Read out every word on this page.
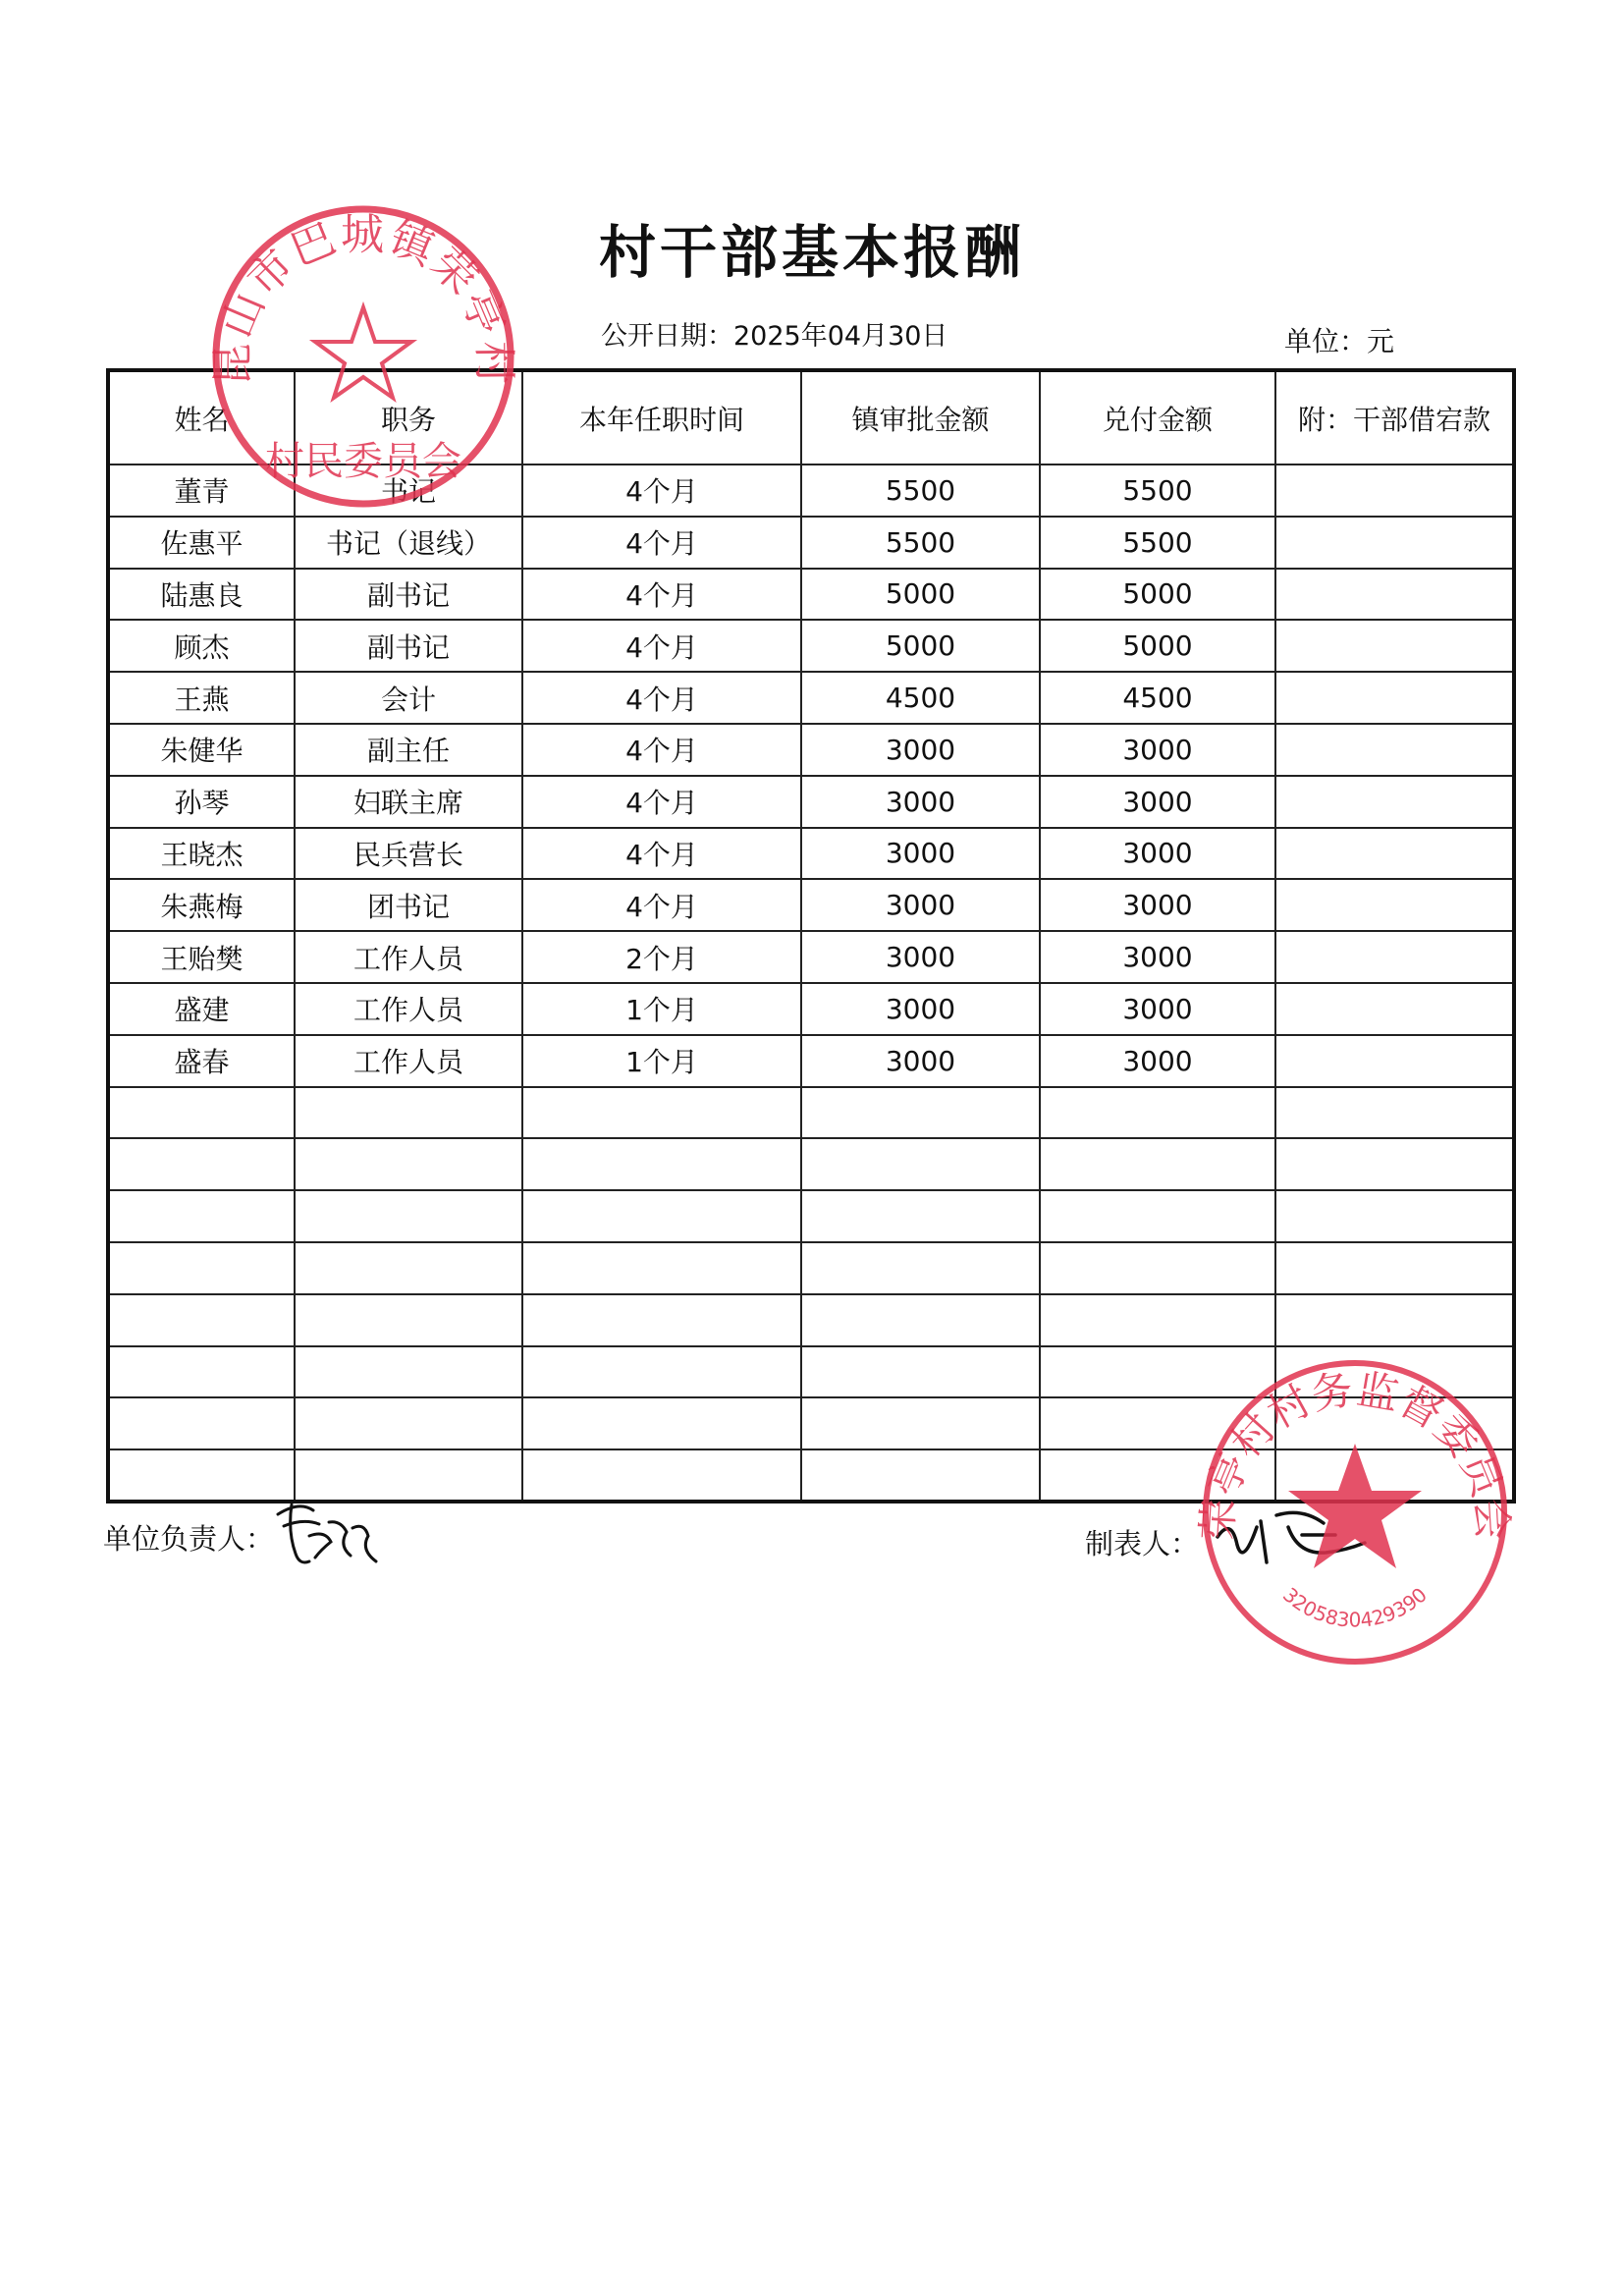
村干部基本报酬
公开日期：2025年04月30日	单位：元
姓名	职务	本年任职时间	镇审批金额	兑付金额	附：干部借宕款
董青	书记	4个月	5500	5500	
佐惠平	书记（退线）	4个月	5500	5500	
陆惠良	副书记	4个月	5000	5000	
顾杰	副书记	4个月	5000	5000	
王燕	会计	4个月	4500	4500	
朱健华	副主任	4个月	3000	3000	
孙琴	妇联主席	4个月	3000	3000	
王晓杰	民兵营长	4个月	3000	3000	
朱燕梅	团书记	4个月	3000	3000	
王贻樊	工作人员	2个月	3000	3000	
盛建	工作人员	1个月	3000	3000	
盛春	工作人员	1个月	3000	3000	

单位负责人：	制表人：
昆山市巴城镇荣亭村
村民委员会
荣亭村村务监督委员会
3205830429390
